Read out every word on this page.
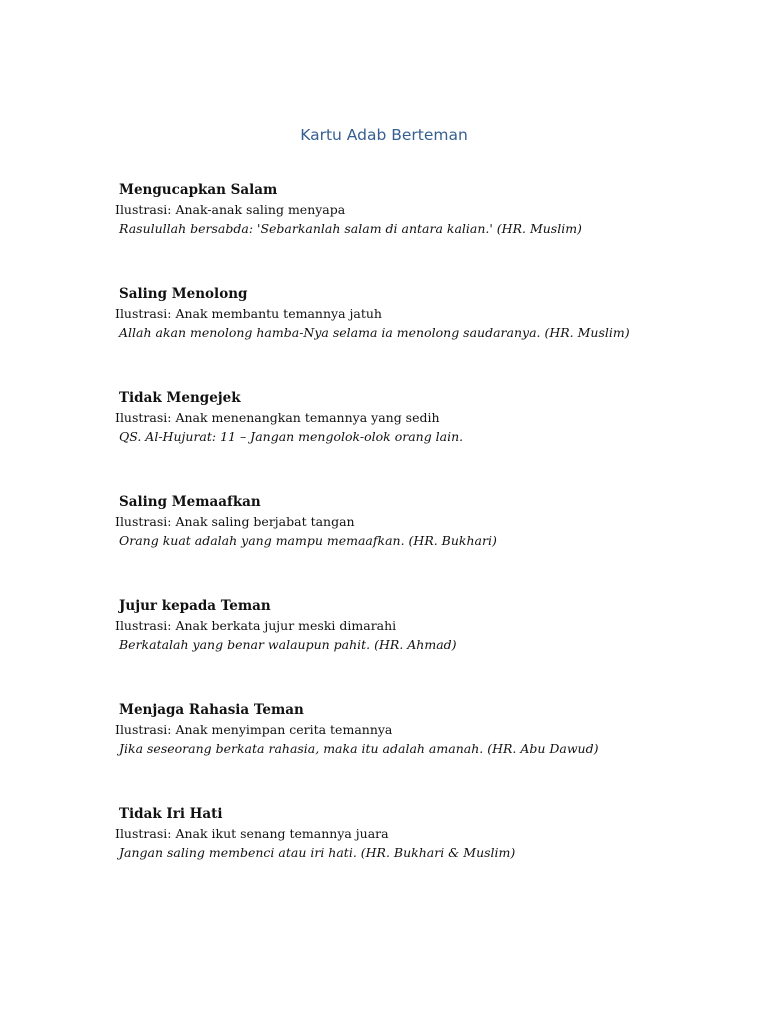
Kartu Adab Berteman
Mengucapkan Salam
Ilustrasi: Anak-anak saling menyapa
Rasulullah bersabda: 'Sebarkanlah salam di antara kalian.' (HR. Muslim)
Saling Menolong
Ilustrasi: Anak membantu temannya jatuh
Allah akan menolong hamba-Nya selama ia menolong saudaranya. (HR. Muslim)
Tidak Mengejek
Ilustrasi: Anak menenangkan temannya yang sedih
QS. Al-Hujurat: 11 – Jangan mengolok-olok orang lain.
Saling Memaafkan
Ilustrasi: Anak saling berjabat tangan
Orang kuat adalah yang mampu memaafkan. (HR. Bukhari)
Jujur kepada Teman
Ilustrasi: Anak berkata jujur meski dimarahi
Berkatalah yang benar walaupun pahit. (HR. Ahmad)
Menjaga Rahasia Teman
Ilustrasi: Anak menyimpan cerita temannya
Jika seseorang berkata rahasia, maka itu adalah amanah. (HR. Abu Dawud)
Tidak Iri Hati
Ilustrasi: Anak ikut senang temannya juara
Jangan saling membenci atau iri hati. (HR. Bukhari & Muslim)
